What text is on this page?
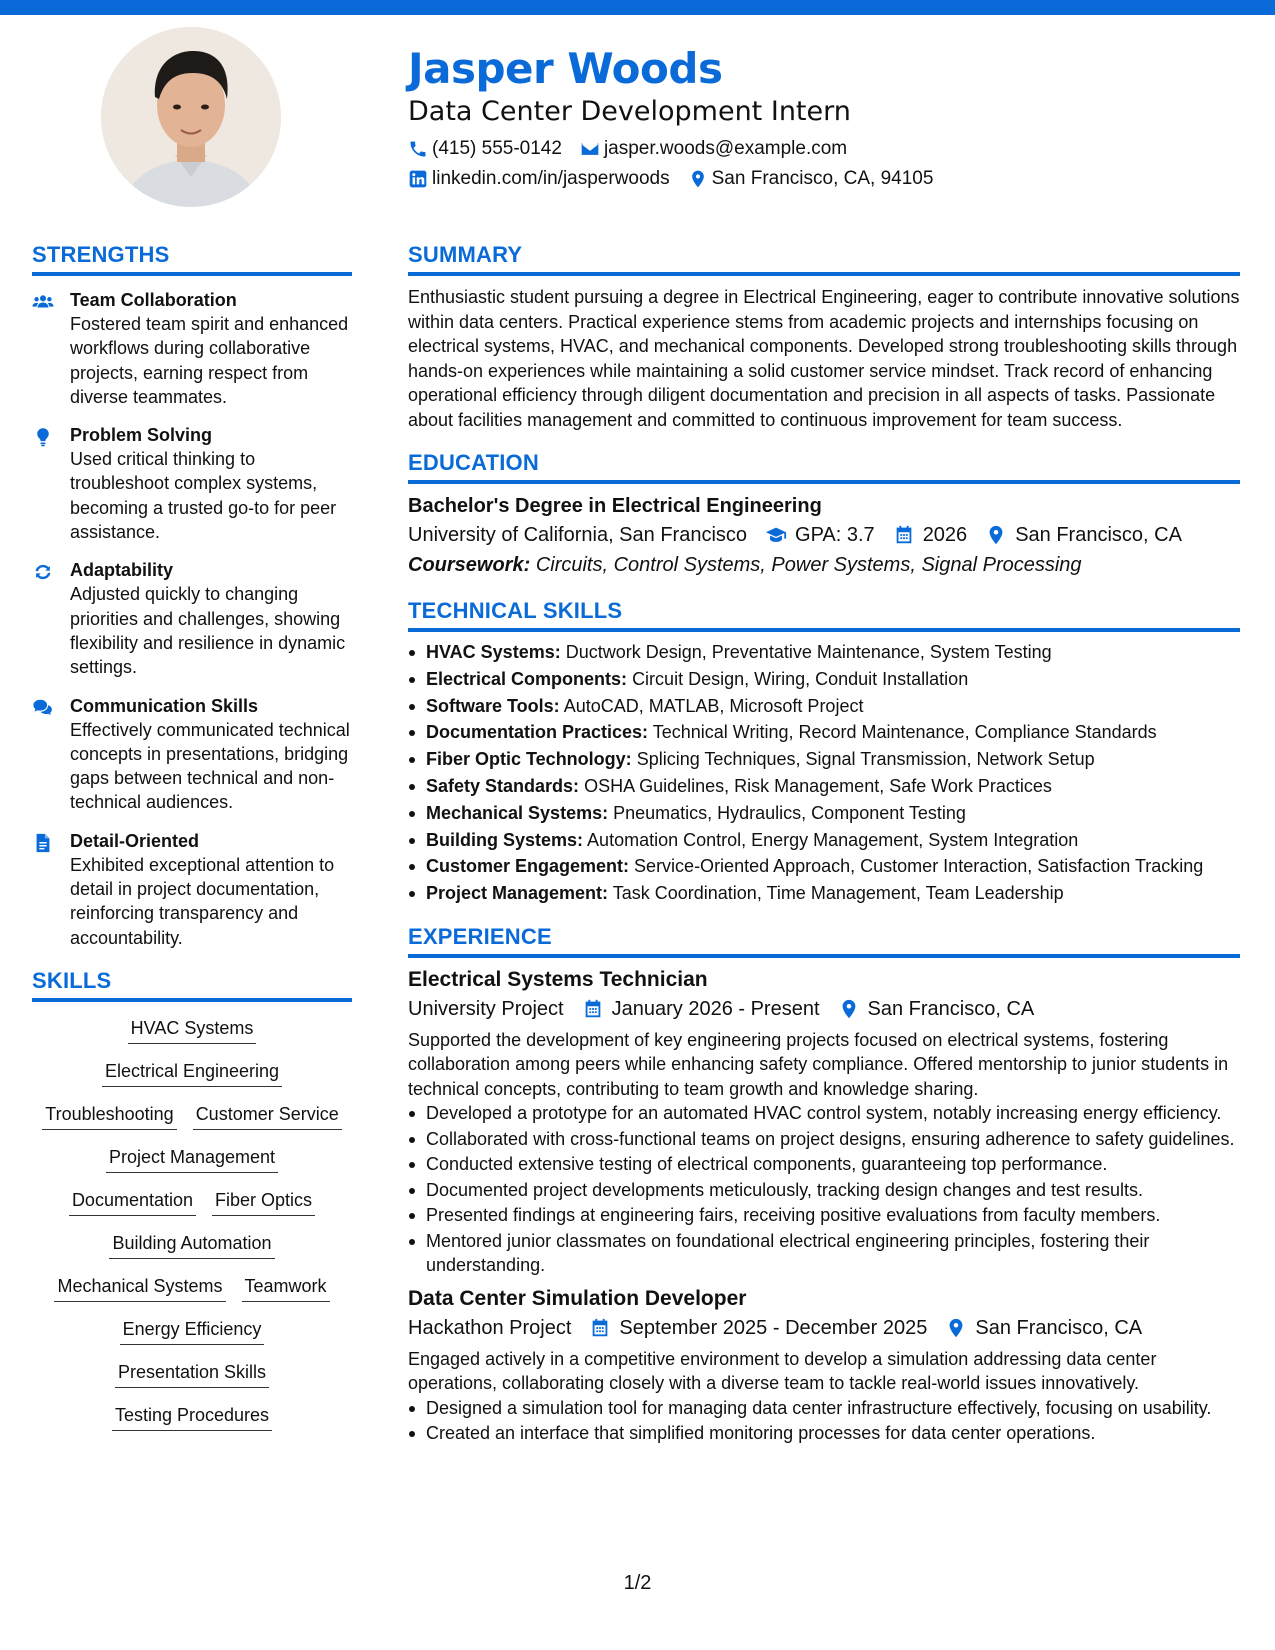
Jasper Woods
Data Center Development Intern
(415) 555-0142 jasper.woods@example.com
linkedin.com/in/jasperwoods San Francisco, CA, 94105
STRENGTHS
Team Collaboration
Fostered team spirit and enhanced workflows during collaborative projects, earning respect from diverse teammates.
Problem Solving
Used critical thinking to troubleshoot complex systems, becoming a trusted go-to for peer assistance.
Adaptability
Adjusted quickly to changing priorities and challenges, showing flexibility and resilience in dynamic settings.
Communication Skills
Effectively communicated technical concepts in presentations, bridging gaps between technical and non-technical audiences.
Detail-Oriented
Exhibited exceptional attention to detail in project documentation, reinforcing transparency and accountability.
SKILLS
HVAC Systems
Electrical Engineering
Troubleshooting Customer Service
Project Management
Documentation Fiber Optics
Building Automation
Mechanical Systems Teamwork
Energy Efficiency
Presentation Skills
Testing Procedures
SUMMARY
Enthusiastic student pursuing a degree in Electrical Engineering, eager to contribute innovative solutions within data centers. Practical experience stems from academic projects and internships focusing on electrical systems, HVAC, and mechanical components. Developed strong troubleshooting skills through hands-on experiences while maintaining a solid customer service mindset. Track record of enhancing operational efficiency through diligent documentation and precision in all aspects of tasks. Passionate about facilities management and committed to continuous improvement for team success.
EDUCATION
Bachelor's Degree in Electrical Engineering
University of California, San Francisco GPA: 3.7 2026 San Francisco, CA
Coursework: Circuits, Control Systems, Power Systems, Signal Processing
TECHNICAL SKILLS
HVAC Systems: Ductwork Design, Preventative Maintenance, System Testing
Electrical Components: Circuit Design, Wiring, Conduit Installation
Software Tools: AutoCAD, MATLAB, Microsoft Project
Documentation Practices: Technical Writing, Record Maintenance, Compliance Standards
Fiber Optic Technology: Splicing Techniques, Signal Transmission, Network Setup
Safety Standards: OSHA Guidelines, Risk Management, Safe Work Practices
Mechanical Systems: Pneumatics, Hydraulics, Component Testing
Building Systems: Automation Control, Energy Management, System Integration
Customer Engagement: Service-Oriented Approach, Customer Interaction, Satisfaction Tracking
Project Management: Task Coordination, Time Management, Team Leadership
EXPERIENCE
Electrical Systems Technician
University Project January 2026 - Present San Francisco, CA
Supported the development of key engineering projects focused on electrical systems, fostering collaboration among peers while enhancing safety compliance. Offered mentorship to junior students in technical concepts, contributing to team growth and knowledge sharing.
Developed a prototype for an automated HVAC control system, notably increasing energy efficiency.
Collaborated with cross-functional teams on project designs, ensuring adherence to safety guidelines.
Conducted extensive testing of electrical components, guaranteeing top performance.
Documented project developments meticulously, tracking design changes and test results.
Presented findings at engineering fairs, receiving positive evaluations from faculty members.
Mentored junior classmates on foundational electrical engineering principles, fostering their understanding.
Data Center Simulation Developer
Hackathon Project September 2025 - December 2025 San Francisco, CA
Engaged actively in a competitive environment to develop a simulation addressing data center operations, collaborating closely with a diverse team to tackle real-world issues innovatively.
Designed a simulation tool for managing data center infrastructure effectively, focusing on usability.
Created an interface that simplified monitoring processes for data center operations.
1/2
